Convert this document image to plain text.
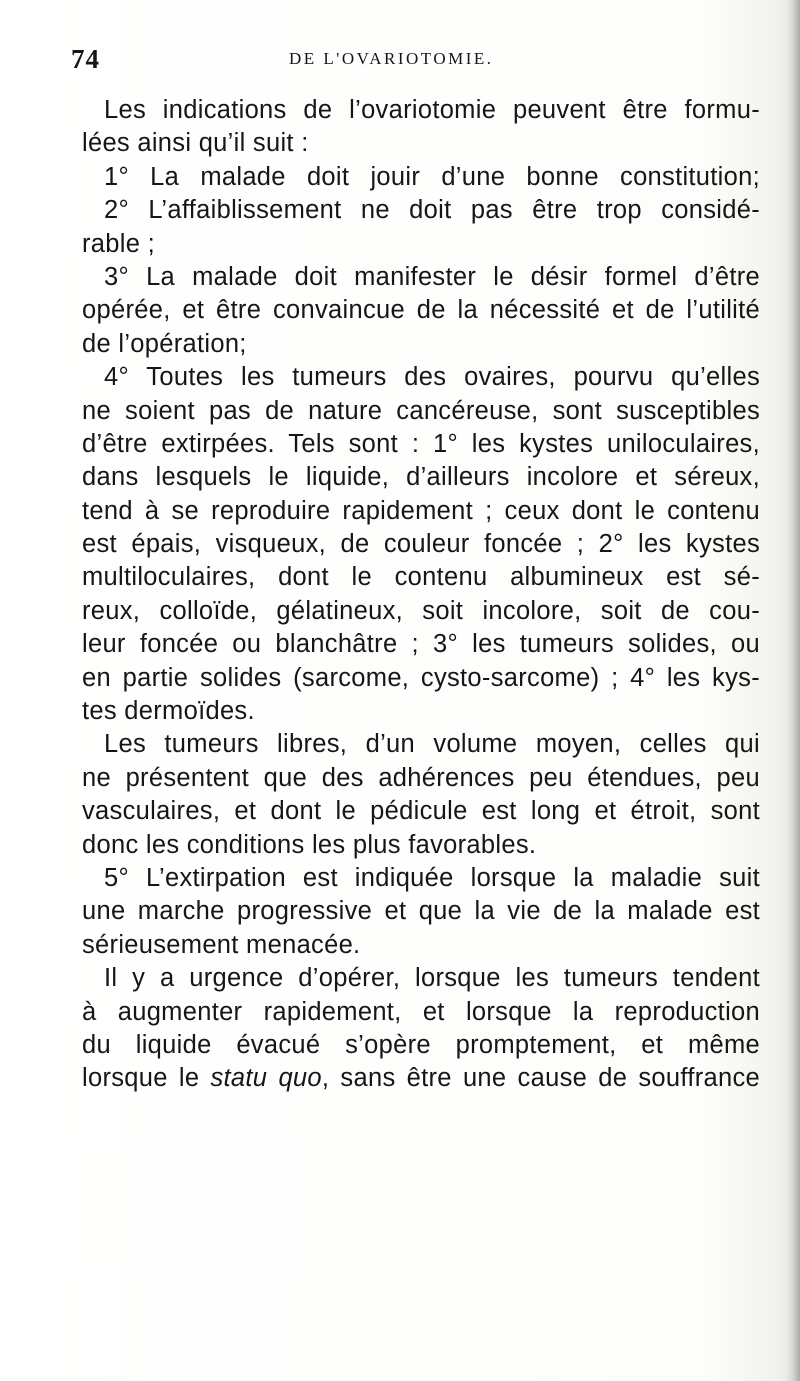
74	DE L'OVARIOTOMIE.
Les indications de l’ovariotomie peuvent être formu-
lées ainsi qu’il suit :
1° La malade doit jouir d’une bonne constitution;
2° L’affaiblissement ne doit pas être trop considé-
rable ;
3° La malade doit manifester le désir formel d’être
opérée, et être convaincue de la nécessité et de l’utilité
de l’opération;
4° Toutes les tumeurs des ovaires, pourvu qu’elles
ne soient pas de nature cancéreuse, sont susceptibles
d’être extirpées. Tels sont : 1° les kystes uniloculaires,
dans lesquels le liquide, d’ailleurs incolore et séreux,
tend à se reproduire rapidement ; ceux dont le contenu
est épais, visqueux, de couleur foncée ; 2° les kystes
multiloculaires, dont le contenu albumineux est sé-
reux, colloïde, gélatineux, soit incolore, soit de cou-
leur foncée ou blanchâtre ; 3° les tumeurs solides, ou
en partie solides (sarcome, cysto-sarcome) ; 4° les kys-
tes dermoïdes.
Les tumeurs libres, d’un volume moyen, celles qui
ne présentent que des adhérences peu étendues, peu
vasculaires, et dont le pédicule est long et étroit, sont
donc les conditions les plus favorables.
5° L’extirpation est indiquée lorsque la maladie suit
une marche progressive et que la vie de la malade est
sérieusement menacée.
Il y a urgence d’opérer, lorsque les tumeurs tendent
à augmenter rapidement, et lorsque la reproduction
du liquide évacué s’opère promptement, et même
lorsque le statu quo, sans être une cause de souffrance
